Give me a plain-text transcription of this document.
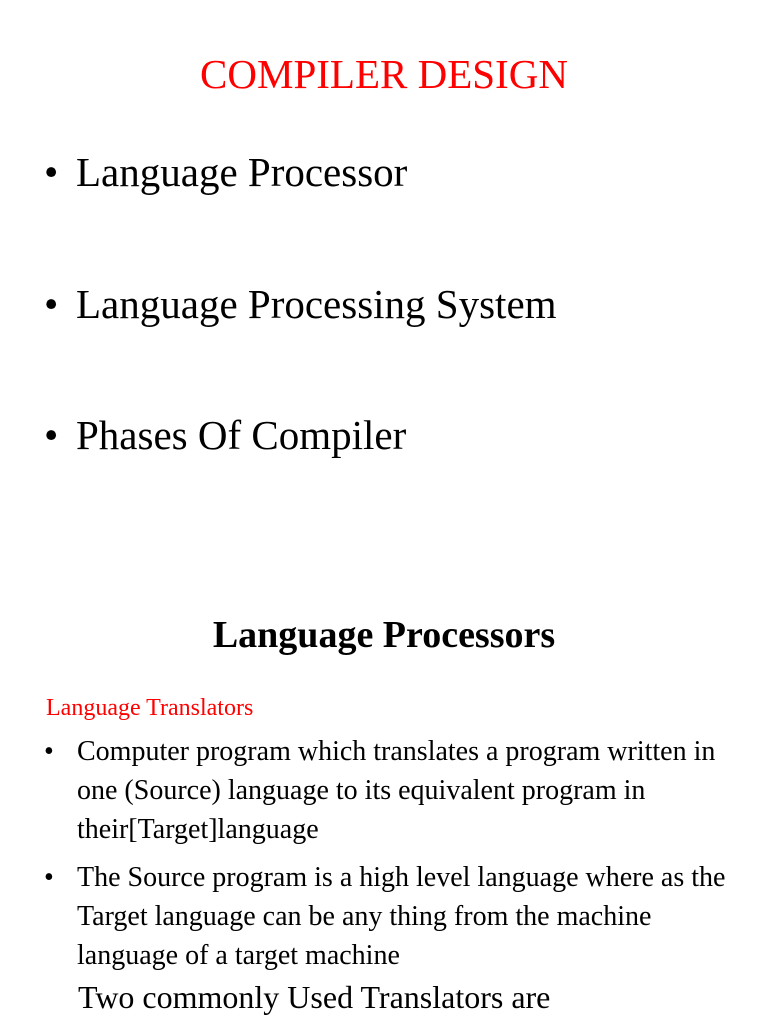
COMPILER DESIGN
• Language Processor
• Language Processing System
• Phases Of Compiler
Language Processors

Language Translators

• Computer program which translates a program written in one (Source) language to its equivalent program in their[Target]language
• The Source program is a high level language where as the Target language can be any thing from the machine language of a target machine

Two commonly Used Translators are
